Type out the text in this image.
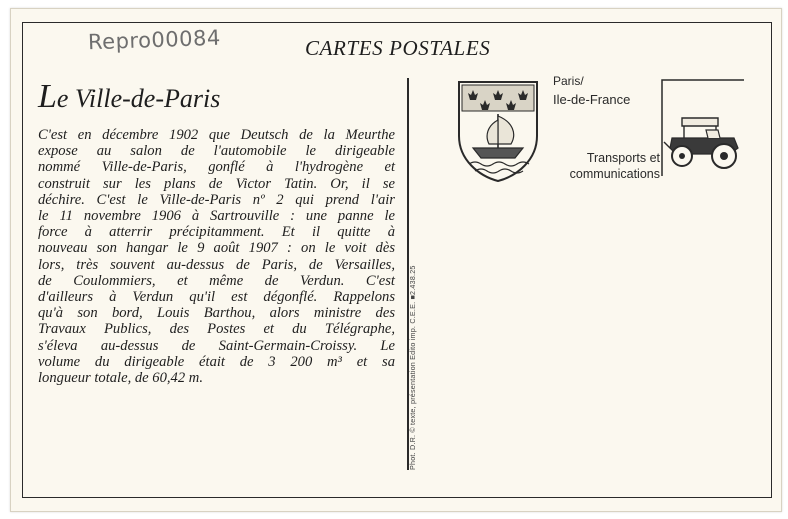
Repro00084	CARTES POSTALES
Le Ville-de-Paris
C'est en décembre 1902 que Deutsch de la Meurthe
expose au salon de l'automobile le dirigeable
nommé Ville-de-Paris, gonflé à l'hydrogène et
construit sur les plans de Victor Tatin. Or, il se
déchire. C'est le Ville-de-Paris nº 2 qui prend l'air
le 11 novembre 1906 à Sartrouville : une panne le
force à atterrir précipitamment. Et il quitte à
nouveau son hangar le 9 août 1907 : on le voit dès
lors, très souvent au-dessus de Paris, de Versailles,
de Coulommiers, et même de Verdun. C'est
d'ailleurs à Verdun qu'il est dégonflé. Rappelons
qu'à son bord, Louis Barthou, alors ministre des
Travaux Publics, des Postes et du Télégraphe,
s'éleva au-dessus de Saint-Germain-Croissy. Le
volume du dirigeable était de 3 200 m³ et sa
longueur totale, de 60,42 m.	Phot. D.R. © texte, présentation Edito imp. C.E.E. ■2.438.25
Paris/
Ile-de-France
Transports et
communications
